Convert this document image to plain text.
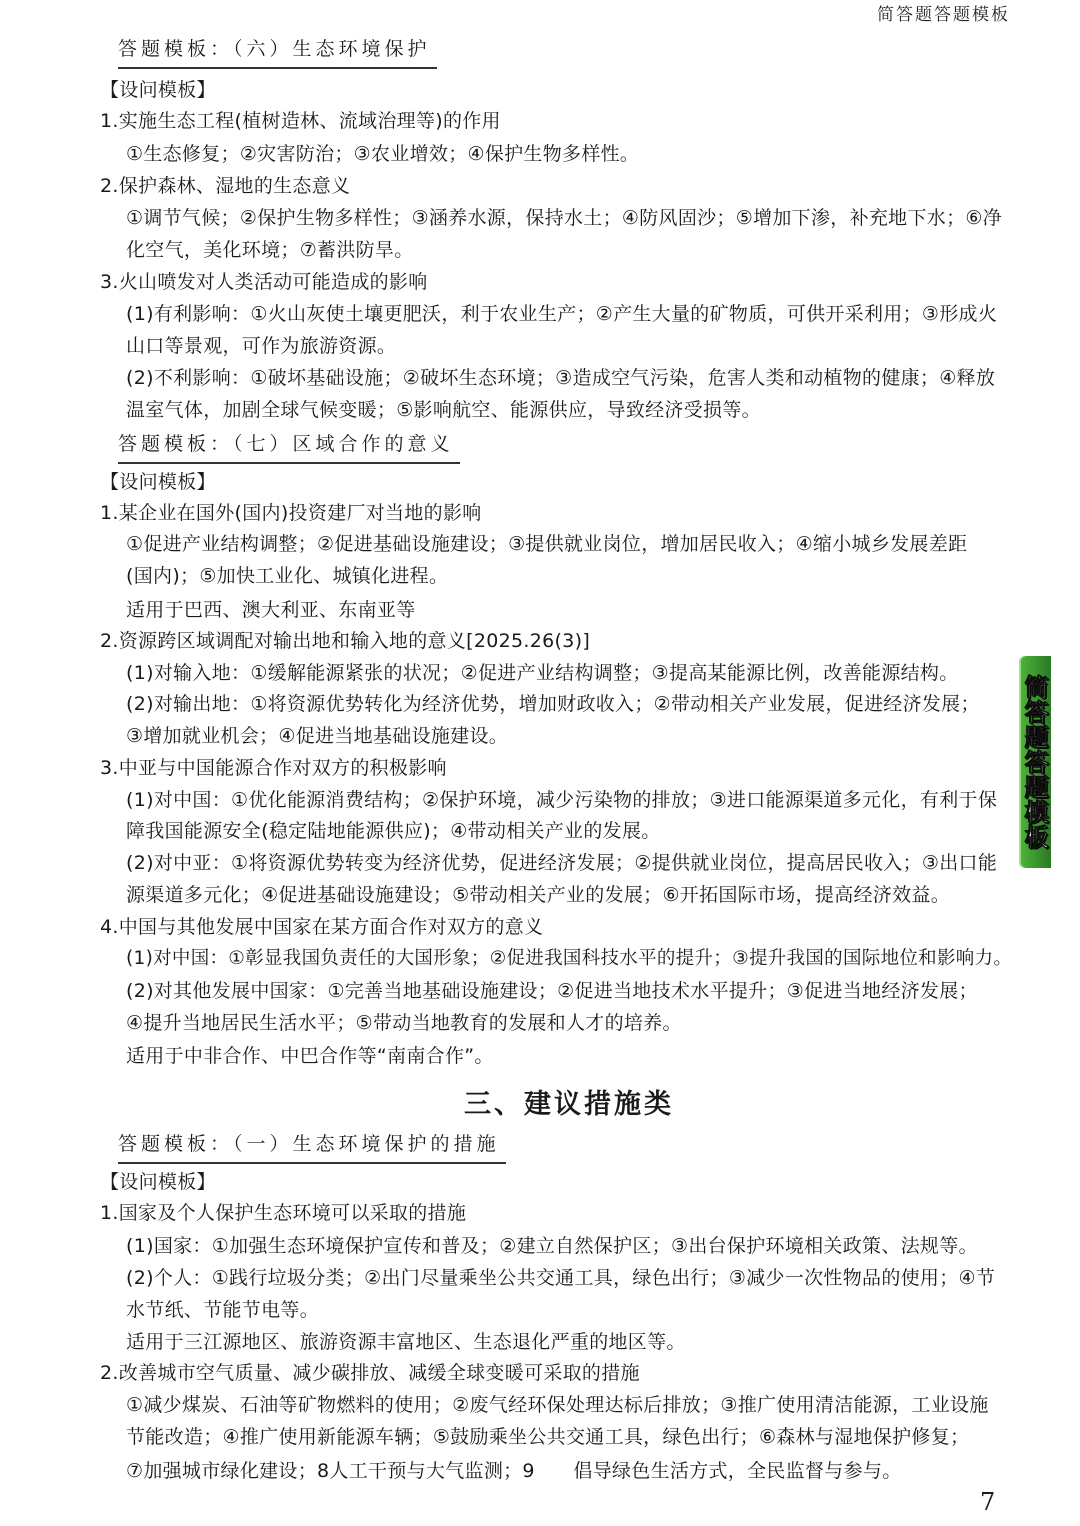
简答题答题模板
答题模板：（六）生态环境保护
【设问模板】
1.实施生态工程(植树造林、流域治理等)的作用
①生态修复；②灾害防治；③农业增效；④保护生物多样性。
2.保护森林、湿地的生态意义
①调节气候；②保护生物多样性；③涵养水源，保持水土；④防风固沙；⑤增加下渗，补充地下水；⑥净
化空气，美化环境；⑦蓄洪防旱。
3.火山喷发对人类活动可能造成的影响
(1)有利影响：①火山灰使土壤更肥沃，利于农业生产；②产生大量的矿物质，可供开采利用；③形成火
山口等景观，可作为旅游资源。
(2)不利影响：①破坏基础设施；②破坏生态环境；③造成空气污染，危害人类和动植物的健康；④释放
温室气体，加剧全球气候变暖；⑤影响航空、能源供应，导致经济受损等。
答题模板：（七）区域合作的意义
【设问模板】
1.某企业在国外(国内)投资建厂对当地的影响
①促进产业结构调整；②促进基础设施建设；③提供就业岗位，增加居民收入；④缩小城乡发展差距
(国内)；⑤加快工业化、城镇化进程。
适用于巴西、澳大利亚、东南亚等
2.资源跨区域调配对输出地和输入地的意义[2025.26(3)]
(1)对输入地：①缓解能源紧张的状况；②促进产业结构调整；③提高某能源比例，改善能源结构。
(2)对输出地：①将资源优势转化为经济优势，增加财政收入；②带动相关产业发展，促进经济发展；
③增加就业机会；④促进当地基础设施建设。
3.中亚与中国能源合作对双方的积极影响
(1)对中国：①优化能源消费结构；②保护环境，减少污染物的排放；③进口能源渠道多元化，有利于保
障我国能源安全(稳定陆地能源供应)；④带动相关产业的发展。
(2)对中亚：①将资源优势转变为经济优势，促进经济发展；②提供就业岗位，提高居民收入；③出口能
源渠道多元化；④促进基础设施建设；⑤带动相关产业的发展；⑥开拓国际市场，提高经济效益。
4.中国与其他发展中国家在某方面合作对双方的意义
(1)对中国：①彰显我国负责任的大国形象；②促进我国科技水平的提升；③提升我国的国际地位和影响力。
(2)对其他发展中国家：①完善当地基础设施建设；②促进当地技术水平提升；③促进当地经济发展；
④提升当地居民生活水平；⑤带动当地教育的发展和人才的培养。
适用于中非合作、中巴合作等“南南合作”。
三、建议措施类
答题模板：（一）生态环境保护的措施
【设问模板】
1.国家及个人保护生态环境可以采取的措施
(1)国家：①加强生态环境保护宣传和普及；②建立自然保护区；③出台保护环境相关政策、法规等。
(2)个人：①践行垃圾分类；②出门尽量乘坐公共交通工具，绿色出行；③减少一次性物品的使用；④节
水节纸、节能节电等。
适用于三江源地区、旅游资源丰富地区、生态退化严重的地区等。
2.改善城市空气质量、减少碳排放、减缓全球变暖可采取的措施
①减少煤炭、石油等矿物燃料的使用；②废气经环保处理达标后排放；③推广使用清洁能源，工业设施
节能改造；④推广使用新能源车辆；⑤鼓励乘坐公共交通工具，绿色出行；⑥森林与湿地保护修复；
⑦加强城市绿化建设；8人工干预与大气监测；9　　倡导绿色生活方式，全民监督与参与。
简答题答题模板
7
